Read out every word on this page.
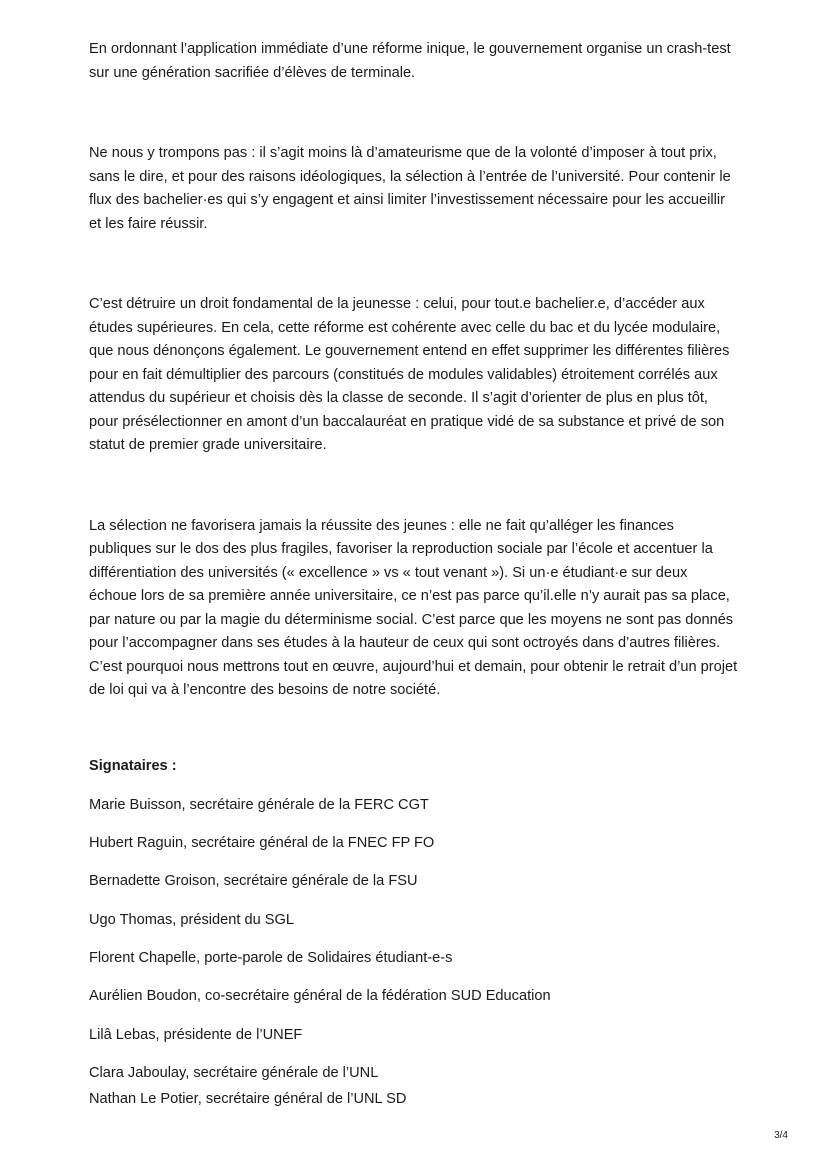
En ordonnant l’application immédiate d’une réforme inique, le gouvernement organise un crash-test sur une génération sacrifiée d’élèves de terminale.

Ne nous y trompons pas : il s’agit moins là d’amateurisme que de la volonté d’imposer à tout prix, sans le dire, et pour des raisons idéologiques, la sélection à l’entrée de l’université. Pour contenir le flux des bachelier·es qui s’y engagent et ainsi limiter l’investissement nécessaire pour les accueillir et les faire réussir.

C’est détruire un droit fondamental de la jeunesse : celui, pour tout.e bachelier.e, d’accéder aux études supérieures. En cela, cette réforme est cohérente avec celle du bac et du lycée modulaire, que nous dénonçons également. Le gouvernement entend en effet supprimer les différentes filières pour en fait démultiplier des parcours (constitués de modules validables) étroitement corrélés aux attendus du supérieur et choisis dès la classe de seconde. Il s’agit d’orienter de plus en plus tôt, pour présélectionner en amont d’un baccalauréat en pratique vidé de sa substance et privé de son statut de premier grade universitaire.

La sélection ne favorisera jamais la réussite des jeunes : elle ne fait qu’alléger les finances publiques sur le dos des plus fragiles, favoriser la reproduction sociale par l’école et accentuer la différentiation des universités (« excellence » vs « tout venant »). Si un·e étudiant·e sur deux échoue lors de sa première année universitaire, ce n’est pas parce qu’il.elle n’y aurait pas sa place, par nature ou par la magie du déterminisme social. C’est parce que les moyens ne sont pas donnés pour l’accompagner dans ses études à la hauteur de ceux qui sont octroyés dans d’autres filières. C’est pourquoi nous mettrons tout en œuvre, aujourd’hui et demain, pour obtenir le retrait d’un projet de loi qui va à l’encontre des besoins de notre société.

Signataires :
Marie Buisson, secrétaire générale de la FERC CGT
Hubert Raguin, secrétaire général de la FNEC FP FO
Bernadette Groison, secrétaire générale de la FSU
Ugo Thomas, président du SGL
Florent Chapelle, porte-parole de Solidaires étudiant-e-s
Aurélien Boudon, co-secrétaire général de la fédération SUD Education
Lilâ Lebas, présidente de l’UNEF
Clara Jaboulay, secrétaire générale de l’UNL
Nathan Le Potier, secrétaire général de l’UNL SD
3/4
